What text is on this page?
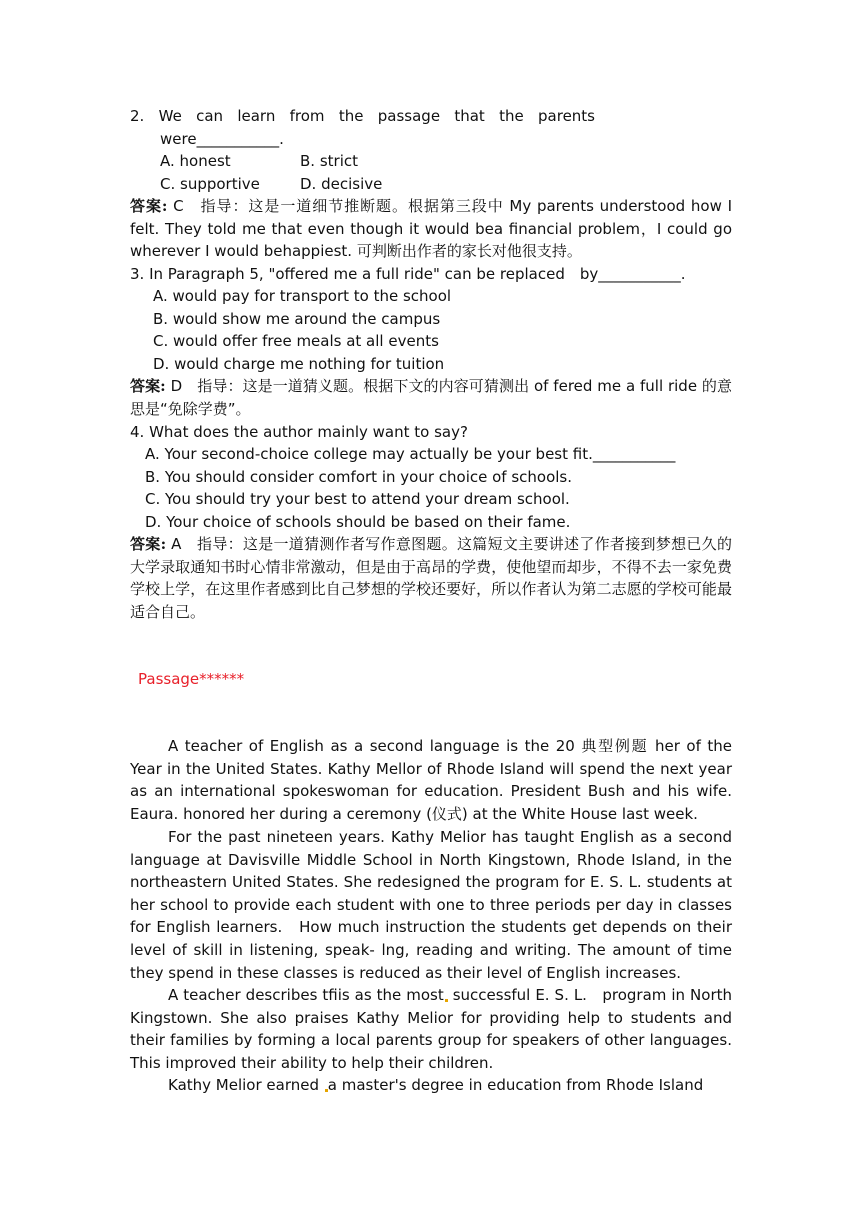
2. We can learn from the passage that the parents
were___________.
A. honest	B. strict
C. supportive	D. decisive
答案: C　指导：这是一道细节推断题。根据第三段中 My parents understood how I felt. They told me that even though it would bea financial problem，I could go wherever I would behappiest. 可判断出作者的家长对他很支持。
3. In Paragraph 5, "offered me a full ride" can be replaced　by___________.
A. would pay for transport to the school
B. would show me around the campus
C. would offer free meals at all events
D. would charge me nothing for tuition
答案: D　指导：这是一道猜义题。根据下文的内容可猜测出 of fered me a full ride 的意思是“免除学费”。
4. What does the author mainly want to say?
A. Your second-choice college may actually be your best fit.___________
B. You should consider comfort in your choice of schools.
C. You should try your best to attend your dream school.
D. Your choice of schools should be based on their fame.
答案: A　指导：这是一道猜测作者写作意图题。这篇短文主要讲述了作者接到梦想已久的大学录取通知书时心情非常激动，但是由于高昂的学费，使他望而却步，不得不去一家免费学校上学，在这里作者感到比自己梦想的学校还要好，所以作者认为第二志愿的学校可能最适合自己。
Passage******
A teacher of English as a second language is the 20 典型例题 her of the Year in the United States. Kathy Mellor of Rhode Island will spend the next year as an international spokeswoman for education. President Bush and his wife. Eaura. honored her during a ceremony (仪式) at the White House last week.
For the past nineteen years. Kathy Melior has taught English as a second language at Davisville Middle School in North Kingstown, Rhode Island, in the northeastern United States. She redesigned the program for E. S. L. students at her school to provide each student with one to three periods per day in classes for English learners.　How much instruction the students get depends on their level of skill in listening, speak- lng, reading and writing. The amount of time they spend in these classes is reduced as their level of English increases.
A teacher describes tfiis as the most successful E. S. L.　program in North Kingstown. She also praises Kathy Melior for providing help to students and their families by forming a local parents group for speakers of other languages. This improved their ability to help their children.
Kathy Melior earned a master's degree in education from Rhode Island
